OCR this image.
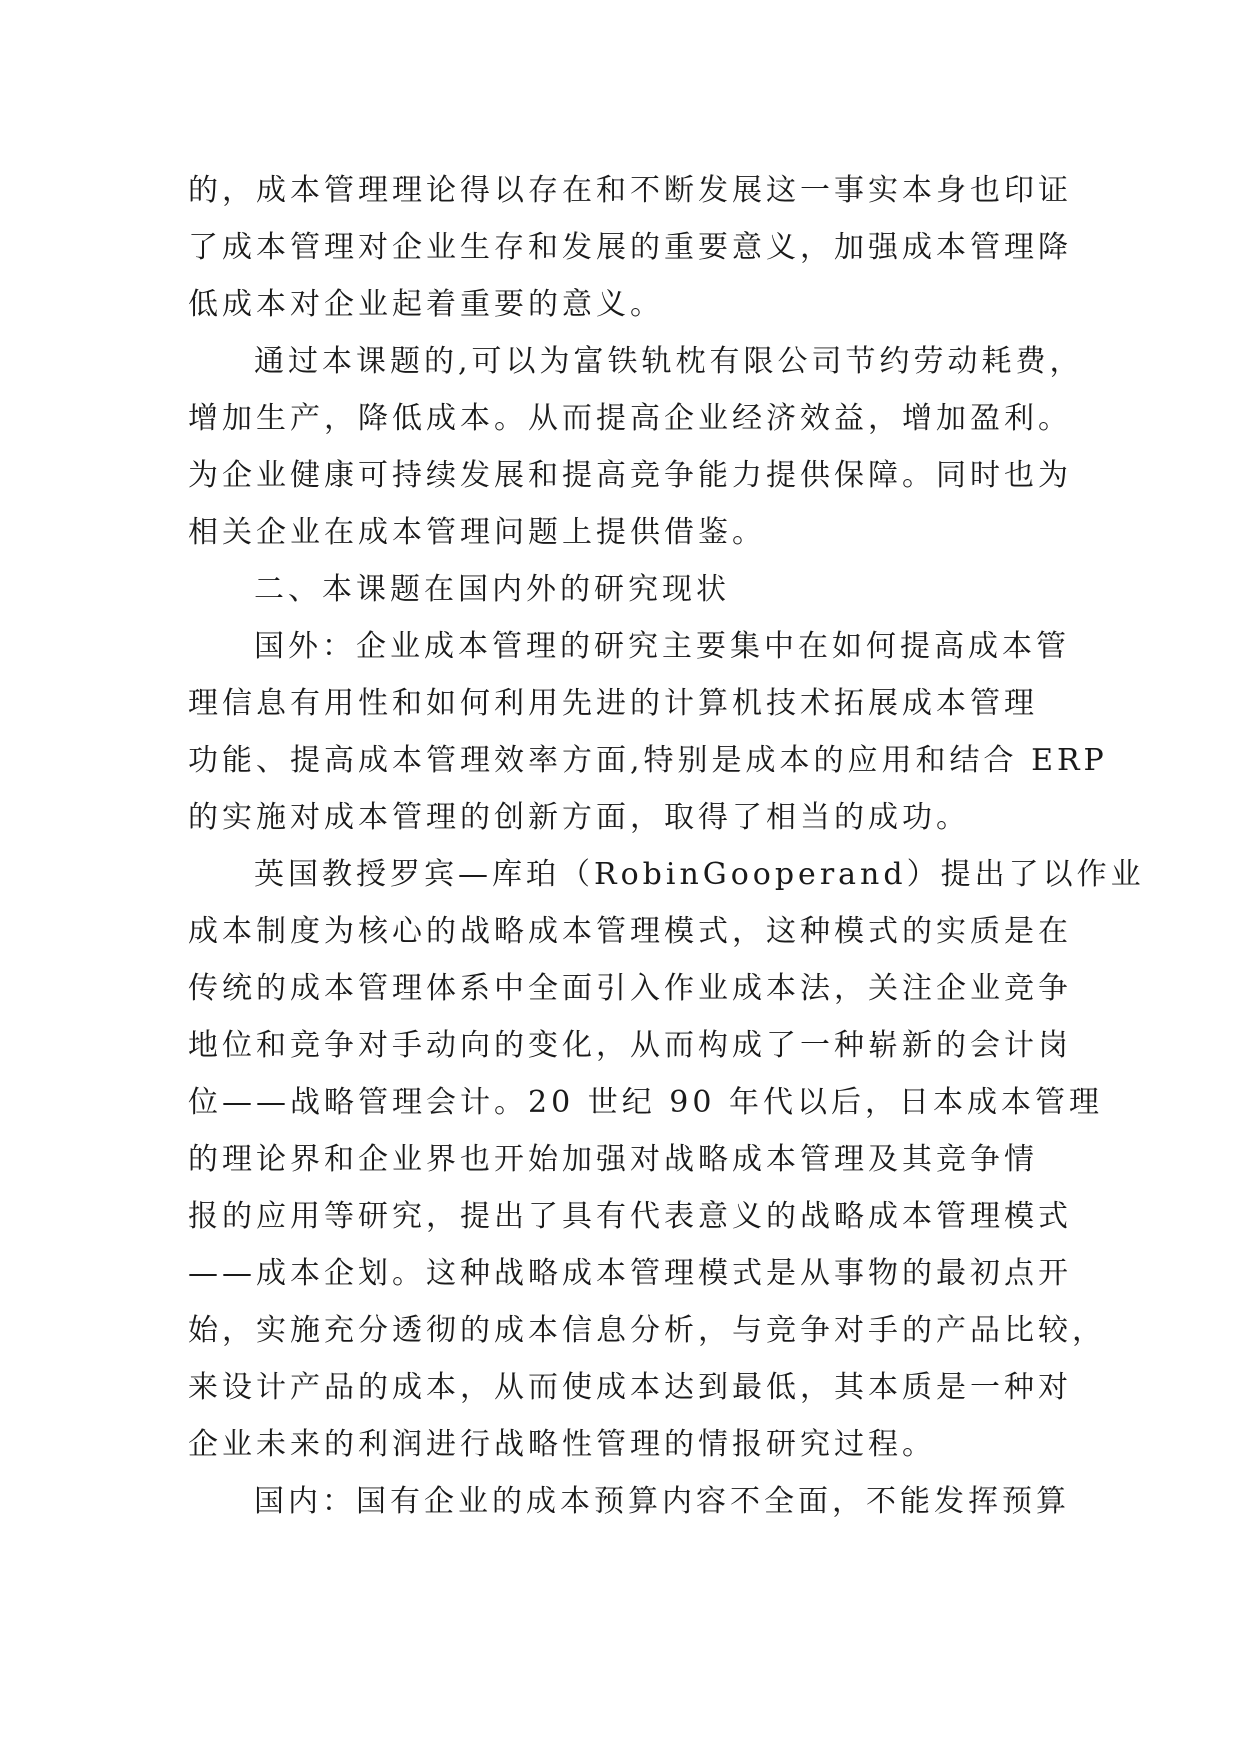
的，成本管理理论得以存在和不断发展这一事实本身也印证
了成本管理对企业生存和发展的重要意义，加强成本管理降
低成本对企业起着重要的意义。
通过本课题的,可以为富铁轨枕有限公司节约劳动耗费，
增加生产，降低成本。从而提高企业经济效益，增加盈利。
为企业健康可持续发展和提高竞争能力提供保障。同时也为
相关企业在成本管理问题上提供借鉴。
二、本课题在国内外的研究现状
国外：企业成本管理的研究主要集中在如何提高成本管
理信息有用性和如何利用先进的计算机技术拓展成本管理
功能、提高成本管理效率方面,特别是成本的应用和结合 ERP
的实施对成本管理的创新方面，取得了相当的成功。
英国教授罗宾—库珀（RobinGooperand）提出了以作业
成本制度为核心的战略成本管理模式，这种模式的实质是在
传统的成本管理体系中全面引入作业成本法，关注企业竞争
地位和竞争对手动向的变化，从而构成了一种崭新的会计岗
位——战略管理会计。20 世纪 90 年代以后，日本成本管理
的理论界和企业界也开始加强对战略成本管理及其竞争情
报的应用等研究，提出了具有代表意义的战略成本管理模式
——成本企划。这种战略成本管理模式是从事物的最初点开
始，实施充分透彻的成本信息分析，与竞争对手的产品比较，
来设计产品的成本，从而使成本达到最低，其本质是一种对
企业未来的利润进行战略性管理的情报研究过程。
国内：国有企业的成本预算内容不全面，不能发挥预算
